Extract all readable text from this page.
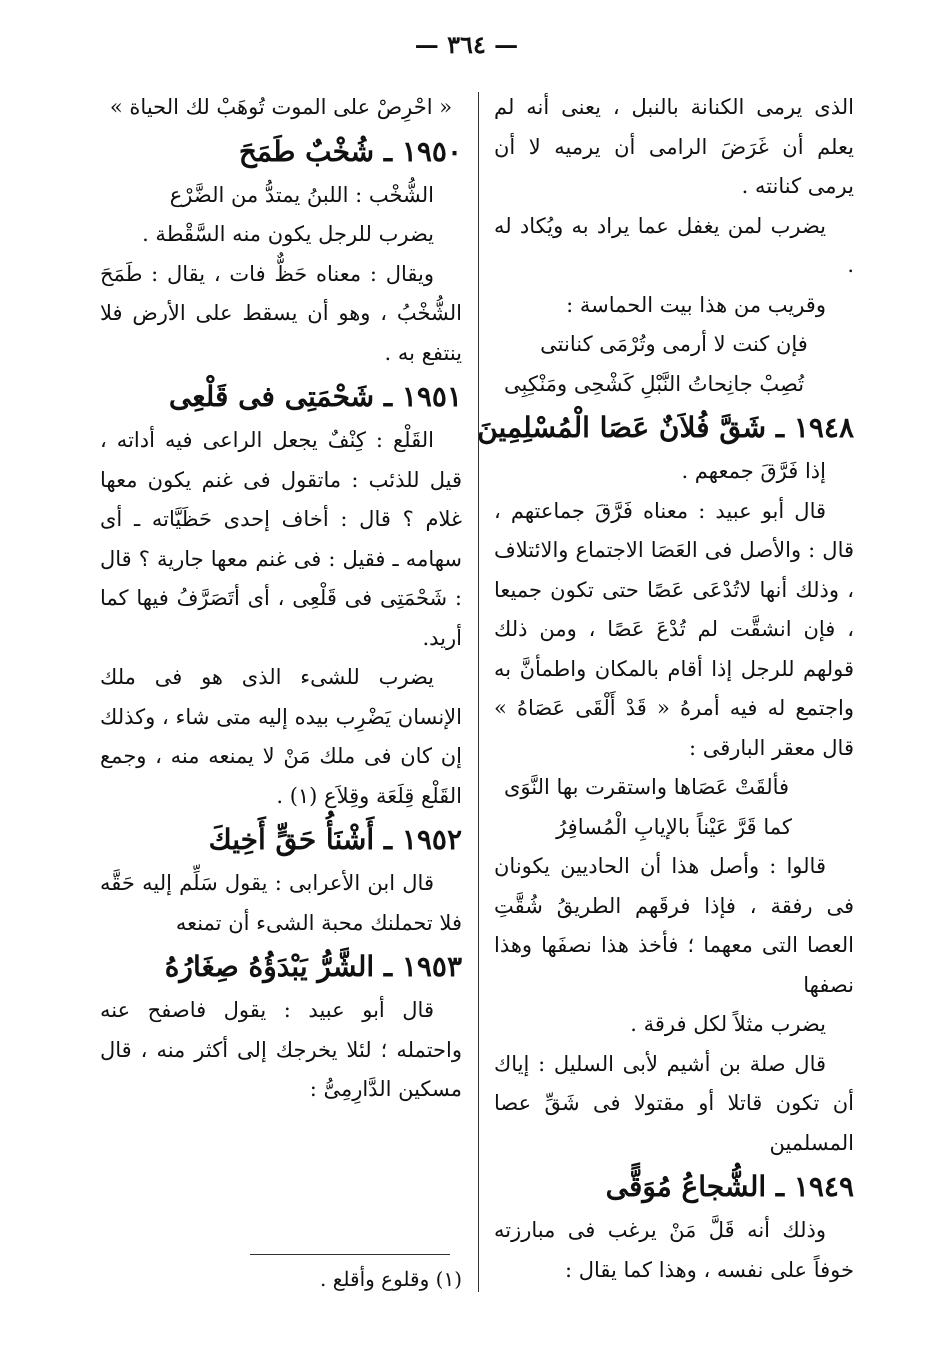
— ٣٦٤ —

الذى يرمى الكنانة بالنبل ، يعنى أنه لم يعلم أن غَرَضَ الرامى أن يرميه لا أن يرمى كنانته .

يضرب لمن يغفل عما يراد به ويُكاد له .

وقريب من هذا بيت الحماسة :

فإن كنت لا أرمى وتُرْمَى كنانتى

تُصِبْ جانِحاتُ النَّبْلِ كَشْحِى ومَنْكِبِى

١٩٤٨ ـ شَقَّ فُلاَنٌ عَصَا الْمُسْلِمِينَ

إذا فَرَّقَ جمعهم .

قال أبو عبيد : معناه فَرَّقَ جماعتهم ، قال : والأصل فى العَصَا الاجتماع والائتلاف ، وذلك أنها لاتُدْعَى عَصًا حتى تكون جميعا ، فإن انشقَّت لم تُدْعَ عَصًا ، ومن ذلك قولهم للرجل إذا أقام بالمكان واطمأنَّ به واجتمع له فيه أمرهُ « قَدْ أَلْقَى عَصَاهُ » قال معقر البارقى :

فألقَتْ عَصَاها واستقرت بها النَّوَى

كما قَرَّ عَيْناً بالإيابِ الْمُسافِرُ

قالوا : وأصل هذا أن الحاديين يكونان فى رفقة ، فإذا فرقَهم الطريقُ شُقَّتِ العصا التى معهما ؛ فأخذ هذا نصفَها وهذا نصفها

يضرب مثلاً لكل فرقة .

قال صلة بن أشيم لأبى السليل : إياك أن تكون قاتلا أو مقتولا فى شَقِّ عصا المسلمين

١٩٤٩ ـ الشُّجاعُ مُوَقًّى

وذلك أنه قَلَّ مَنْ يرغب فى مبارزته خوفاً على نفسه ، وهذا كما يقال :

« احْرِصْ على الموت تُوهَبْ لك الحياة »

١٩٥٠ ـ شُخْبٌ طَمَحَ

الشُّخْب : اللبنُ يمتدُّ من الضَّرْع

يضرب للرجل يكون منه السَّقْطة .

ويقال : معناه حَظٌّ فات ، يقال : طَمَحَ الشُّخْبُ ، وهو أن يسقط على الأرض فلا ينتفع به .

١٩٥١ ـ شَحْمَتِى فى قَلْعِى

القَلْع : كِنْفٌ يجعل الراعى فيه أداته ، قيل للذئب : ماتقول فى غنم يكون معها غلام ؟ قال : أخاف إحدى حَظَيَّاته ـ أى سهامه ـ فقيل : فى غنم معها جارية ؟ قال : شَحْمَتِى فى قَلْعِى ، أى أتَصَرَّفُ فيها كما أريد.

يضرب للشىء الذى هو فى ملك الإنسان يَضْرِب بيده إليه متى شاء ، وكذلك إن كان فى ملك مَنْ لا يمنعه منه ، وجمع القَلْع قِلَعَة وقِلاَع (١) .

١٩٥٢ ـ أَشْنَأُ حَقٍّ أَخِيكَ

قال ابن الأعرابى : يقول سَلِّم إليه حَقَّه فلا تحملنك محبة الشىء أن تمنعه

١٩٥٣ ـ الشَّرُّ يَبْدَؤُهُ صِغَارُهُ

قال أبو عبيد : يقول فاصفح عنه واحتمله ؛ لئلا يخرجك إلى أكثر منه ، قال مسكين الدَّارِمِىُّ :

(١) وقلوع وأقلع .
